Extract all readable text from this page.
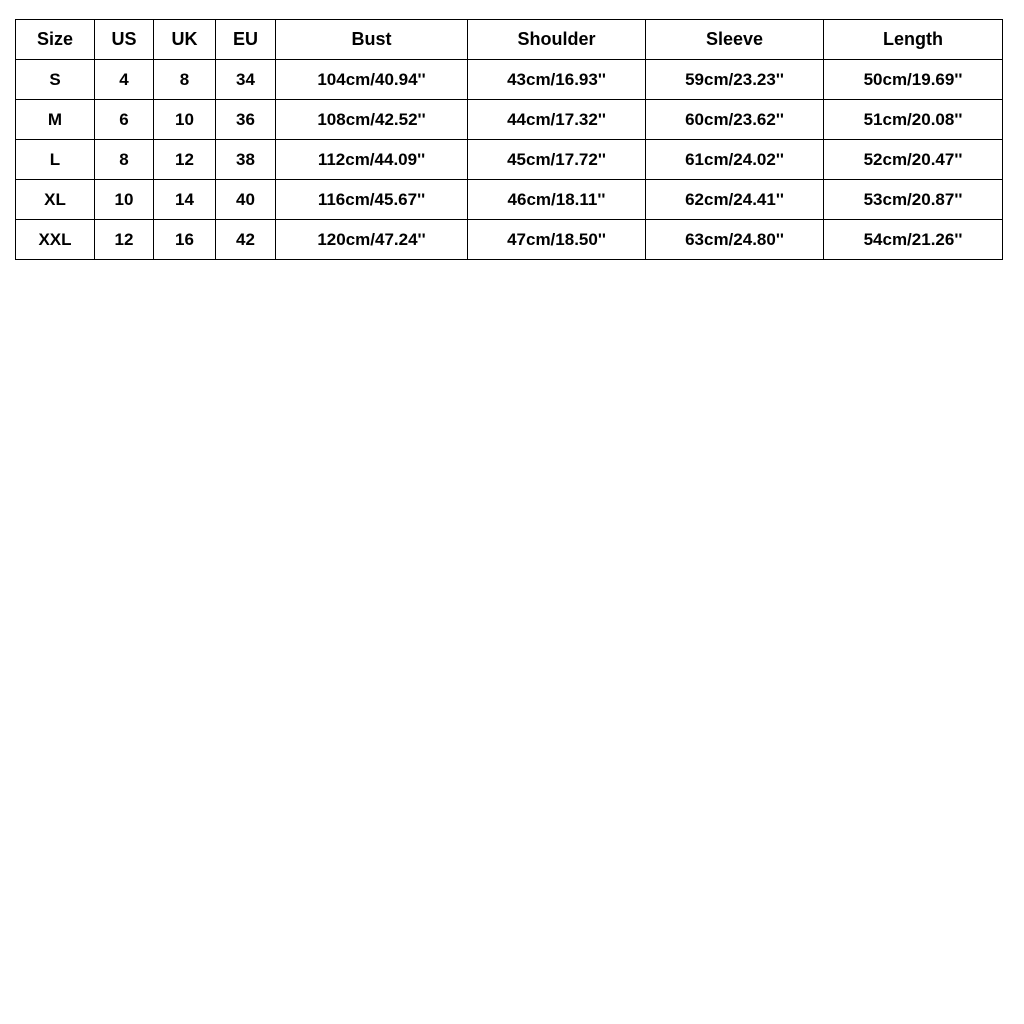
Size	US	UK	EU	Bust	Shoulder	Sleeve	Length
S	4	8	34	104cm/40.94''	43cm/16.93''	59cm/23.23''	50cm/19.69''
M	6	10	36	108cm/42.52''	44cm/17.32''	60cm/23.62''	51cm/20.08''
L	8	12	38	112cm/44.09''	45cm/17.72''	61cm/24.02''	52cm/20.47''
XL	10	14	40	116cm/45.67''	46cm/18.11''	62cm/24.41''	53cm/20.87''
XXL	12	16	42	120cm/47.24''	47cm/18.50''	63cm/24.80''	54cm/21.26''
